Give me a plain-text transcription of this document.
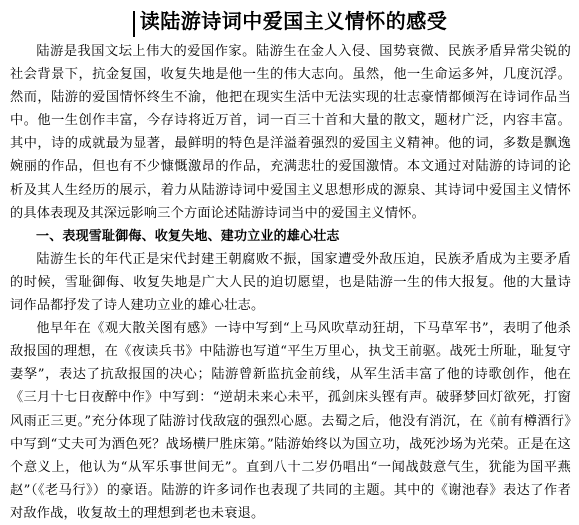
读陆游诗词中爱国主义情怀的感受

陆游是我国文坛上伟大的爱国作家。陆游生在金人入侵、国势衰微、民族矛盾异常尖锐的社会背景下，抗金复国，收复失地是他一生的伟大志向。虽然，他一生命运多舛，几度沉浮。然而，陆游的爱国情怀终生不渝，他把在现实生活中无法实现的壮志豪情都倾泻在诗词作品当中。他一生创作丰富，今存诗将近万首，词一百三十首和大量的散文，题材广泛，内容丰富。其中，诗的成就最为显著，最鲜明的特色是洋溢着强烈的爱国主义精神。他的词，多数是飘逸婉丽的作品，但也有不少慷慨激昂的作品，充满悲壮的爱国激情。本文通过对陆游的诗词的论析及其人生经历的展示，着力从陆游诗词中爱国主义思想形成的源泉、其诗词中爱国主义情怀的具体表现及其深远影响三个方面论述陆游诗词当中的爱国主义情怀。

一、表现雪耻御侮、收复失地、建功立业的雄心壮志

陆游生长的年代正是宋代封建王朝腐败不振，国家遭受外敌压迫，民族矛盾成为主要矛盾的时候，雪耻御侮、收复失地是广大人民的迫切愿望，也是陆游一生的伟大报复。他的大量诗词作品都抒发了诗人建功立业的雄心壮志。

他早年在《观大散关图有感》一诗中写到“上马风吹草动狂胡，下马草军书”，表明了他杀敌报国的理想，在《夜读兵书》中陆游也写道“平生万里心，执戈王前驱。战死士所耻，耻复守妻孥”，表达了抗敌报国的决心；陆游曾新监抗金前线，从军生活丰富了他的诗歌创作，他在《三月十七日夜醉中作》中写到：“逆胡未来心未平，孤剑床头铿有声。破驿梦回灯欲死，打窗风雨正三更。”充分体现了陆游讨伐敌寇的强烈心愿。去蜀之后，他没有消沉，在《前有樽酒行》中写到“丈夫可为酒色死？战场横尸胜床第。”陆游始终以为国立功，战死沙场为光荣。正是在这个意义上，他认为“从军乐事世间无”。直到八十二岁仍唱出“一闻战鼓意气生，犹能为国平燕赵”（《老马行》）的豪语。陆游的许多词作也表现了共同的主题。其中的《谢池春》表达了作者对敌作战，收复故土的理想到老也未衰退。
